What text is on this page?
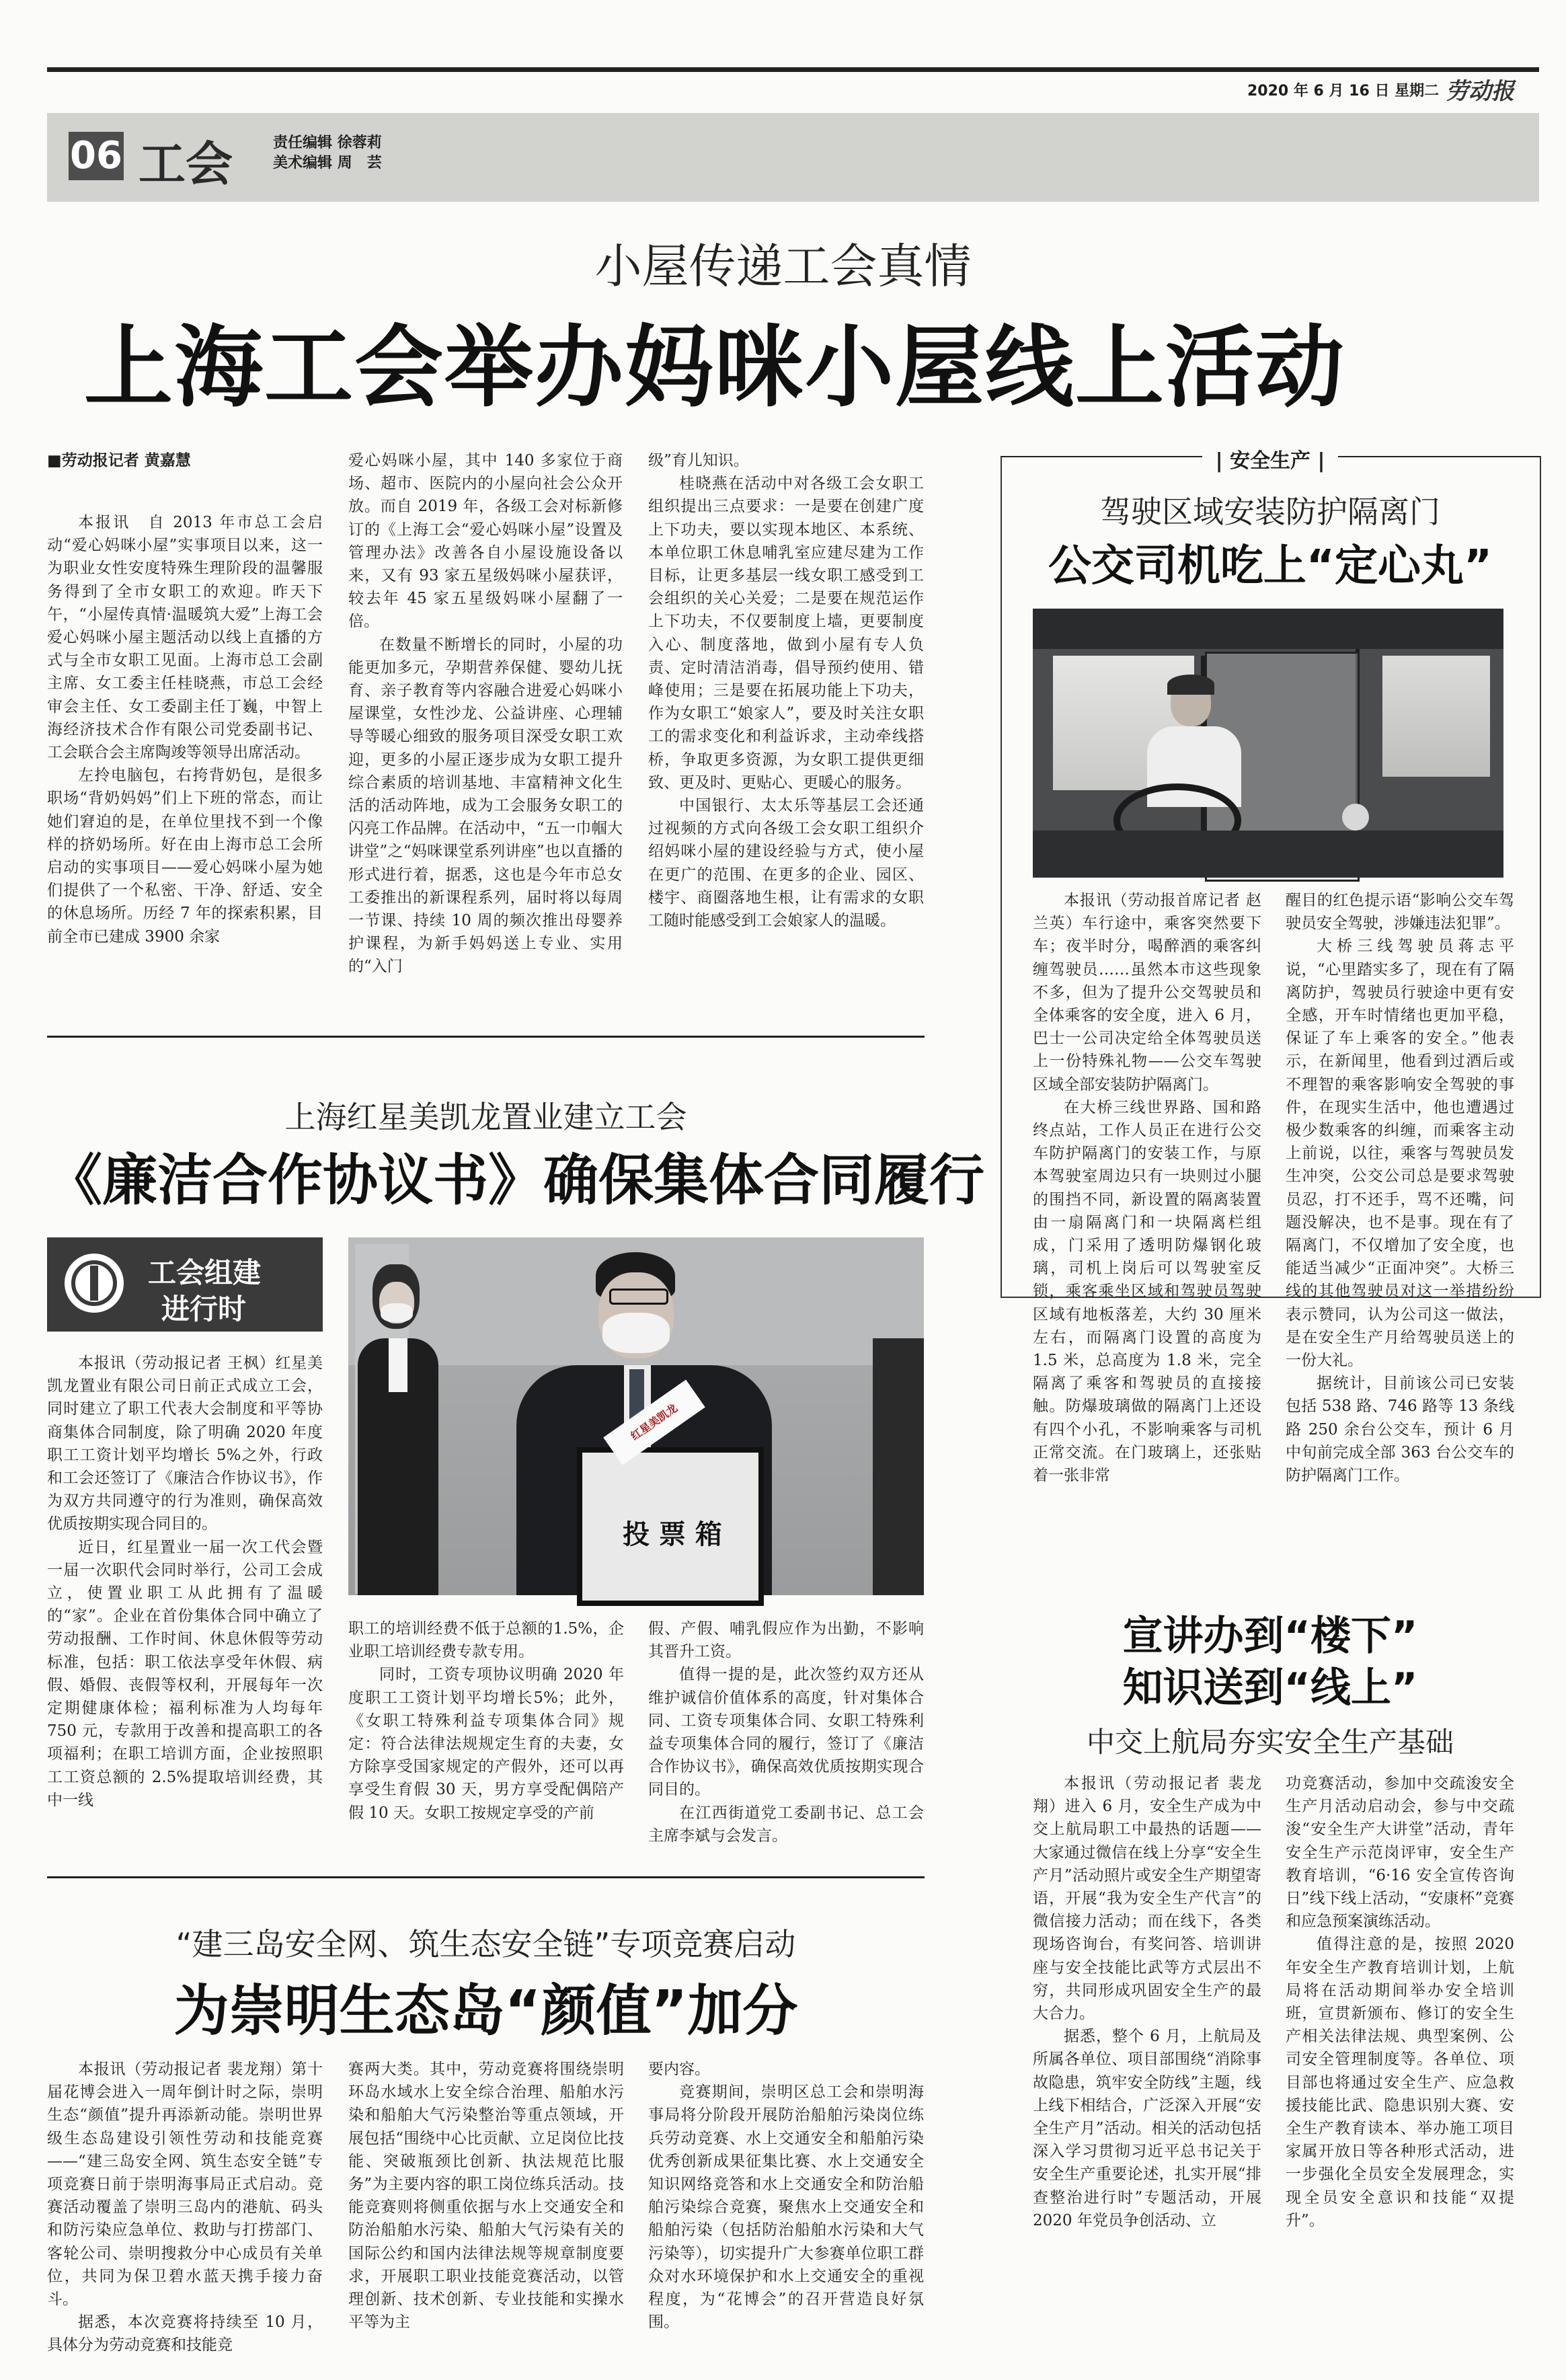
2020 年 6 月 16 日 星期二 劳动报
06 工会	责任编辑 徐蓉莉
美术编辑 周　芸
小屋传递工会真情
上海工会举办妈咪小屋线上活动
■劳动报记者 黄嘉慧

本报讯　自 2013 年市总工会启动“爱心妈咪小屋”实事项目以来，这一为职业女性安度特殊生理阶段的温馨服务得到了全市女职工的欢迎。昨天下午，“小屋传真情·温暖筑大爱”上海工会爱心妈咪小屋主题活动以线上直播的方式与全市女职工见面。上海市总工会副主席、女工委主任桂晓燕，市总工会经审会主任、女工委副主任丁巍，中智上海经济技术合作有限公司党委副书记、工会联合会主席陶竣等领导出席活动。

左拎电脑包，右挎背奶包，是很多职场“背奶妈妈”们上下班的常态，而让她们窘迫的是，在单位里找不到一个像样的挤奶场所。好在由上海市总工会所启动的实事项目——爱心妈咪小屋为她们提供了一个私密、干净、舒适、安全的休息场所。历经 7 年的探索积累，目前全市已建成 3900 余家

爱心妈咪小屋，其中 140 多家位于商场、超市、医院内的小屋向社会公众开放。而自 2019 年，各级工会对标新修订的《上海工会“爱心妈咪小屋”设置及管理办法》改善各自小屋设施设备以来，又有 93 家五星级妈咪小屋获评，较去年 45 家五星级妈咪小屋翻了一倍。

在数量不断增长的同时，小屋的功能更加多元，孕期营养保健、婴幼儿抚育、亲子教育等内容融合进爱心妈咪小屋课堂，女性沙龙、公益讲座、心理辅导等暖心细致的服务项目深受女职工欢迎，更多的小屋正逐步成为女职工提升综合素质的培训基地、丰富精神文化生活的活动阵地，成为工会服务女职工的闪亮工作品牌。在活动中，“五一巾帼大讲堂”之“妈咪课堂系列讲座”也以直播的形式进行着，据悉，这也是今年市总女工委推出的新课程系列，届时将以每周一节课、持续 10 周的频次推出母婴养护课程，为新手妈妈送上专业、实用的“入门

级”育儿知识。

桂晓燕在活动中对各级工会女职工组织提出三点要求：一是要在创建广度上下功夫，要以实现本地区、本系统、本单位职工休息哺乳室应建尽建为工作目标，让更多基层一线女职工感受到工会组织的关心关爱；二是要在规范运作上下功夫，不仅要制度上墙，更要制度入心、制度落地，做到小屋有专人负责、定时清洁消毒，倡导预约使用、错峰使用；三是要在拓展功能上下功夫，作为女职工“娘家人”，要及时关注女职工的需求变化和利益诉求，主动牵线搭桥，争取更多资源，为女职工提供更细致、更及时、更贴心、更暖心的服务。

中国银行、太太乐等基层工会还通过视频的方式向各级工会女职工组织介绍妈咪小屋的建设经验与方式，使小屋在更广的范围、在更多的企业、园区、楼宇、商圈落地生根，让有需求的女职工随时能感受到工会娘家人的温暖。

上海红星美凯龙置业建立工会
《廉洁合作协议书》确保集体合同履行
工会组建
进行时

本报讯（劳动报记者 王枫）红星美凯龙置业有限公司日前正式成立工会，同时建立了职工代表大会制度和平等协商集体合同制度，除了明确 2020 年度职工工资计划平均增长 5%之外，行政和工会还签订了《廉洁合作协议书》，作为双方共同遵守的行为准则，确保高效优质按期实现合同目的。

近日，红星置业一届一次工代会暨一届一次职代会同时举行，公司工会成立，使置业职工从此拥有了温暖的“家”。企业在首份集体合同中确立了劳动报酬、工作时间、休息休假等劳动标准，包括：职工依法享受年休假、病假、婚假、丧假等权利，开展每年一次定期健康体检；福利标准为人均每年 750 元，专款用于改善和提高职工的各项福利；在职工培训方面，企业按照职工工资总额的 2.5%提取培训经费，其中一线

投 票 箱
红星美凯龙

职工的培训经费不低于总额的1.5%，企业职工培训经费专款专用。

同时，工资专项协议明确 2020 年度职工工资计划平均增长5%；此外，《女职工特殊利益专项集体合同》规定：符合法律法规规定生育的夫妻，女方除享受国家规定的产假外，还可以再享受生育假 30 天，男方享受配偶陪产假 10 天。女职工按规定享受的产前

假、产假、哺乳假应作为出勤，不影响其晋升工资。

值得一提的是，此次签约双方还从维护诚信价值体系的高度，针对集体合同、工资专项集体合同、女职工特殊利益专项集体合同的履行，签订了《廉洁合作协议书》，确保高效优质按期实现合同目的。

在江西街道党工委副书记、总工会主席李斌与会发言。

“建三岛安全网、筑生态安全链”专项竞赛启动
为崇明生态岛“颜值”加分

本报讯（劳动报记者 裴龙翔）第十届花博会进入一周年倒计时之际，崇明生态“颜值”提升再添新动能。崇明世界级生态岛建设引领性劳动和技能竞赛——“建三岛安全网、筑生态安全链”专项竞赛日前于崇明海事局正式启动。竞赛活动覆盖了崇明三岛内的港航、码头和防污染应急单位、救助与打捞部门、客轮公司、崇明搜救分中心成员有关单位，共同为保卫碧水蓝天携手接力奋斗。

据悉，本次竞赛将持续至 10 月，具体分为劳动竞赛和技能竞

赛两大类。其中，劳动竞赛将围绕崇明环岛水域水上安全综合治理、船舶水污染和船舶大气污染整治等重点领域，开展包括“围绕中心比贡献、立足岗位比技能、突破瓶颈比创新、执法规范比服务”为主要内容的职工岗位练兵活动。技能竞赛则将侧重依据与水上交通安全和防治船舶水污染、船舶大气污染有关的国际公约和国内法律法规等规章制度要求，开展职工职业技能竞赛活动，以管理创新、技术创新、专业技能和实操水平等为主

要内容。

竞赛期间，崇明区总工会和崇明海事局将分阶段开展防治船舶污染岗位练兵劳动竞赛、水上交通安全和船舶污染优秀创新成果征集比赛、水上交通安全知识网络竞答和水上交通安全和防治船舶污染综合竞赛，聚焦水上交通安全和船舶污染（包括防治船舶水污染和大气污染等），切实提升广大参赛单位职工群众对水环境保护和水上交通安全的重视程度，为“花博会”的召开营造良好氛围。

| 安全生产 |
驾驶区域安装防护隔离门
公交司机吃上“定心丸”

本报讯（劳动报首席记者 赵兰英）车行途中，乘客突然要下车；夜半时分，喝醉酒的乘客纠缠驾驶员……虽然本市这些现象不多，但为了提升公交驾驶员和全体乘客的安全度，进入 6 月，巴士一公司决定给全体驾驶员送上一份特殊礼物——公交车驾驶区域全部安装防护隔离门。

在大桥三线世界路、国和路终点站，工作人员正在进行公交车防护隔离门的安装工作，与原本驾驶室周边只有一块则过小腿的围挡不同，新设置的隔离装置由一扇隔离门和一块隔离栏组成，门采用了透明防爆钢化玻璃，司机上岗后可以驾驶室反锁，乘客乘坐区域和驾驶员驾驶区域有地板落差，大约 30 厘米左右，而隔离门设置的高度为 1.5 米，总高度为 1.8 米，完全隔离了乘客和驾驶员的直接接触。防爆玻璃做的隔离门上还设有四个小孔，不影响乘客与司机正常交流。在门玻璃上，还张贴着一张非常

醒目的红色提示语“影响公交车驾驶员安全驾驶，涉嫌违法犯罪”。

大桥三线驾驶员蒋志平说，“心里踏实多了，现在有了隔离防护，驾驶员行驶途中更有安全感，开车时情绪也更加平稳，保证了车上乘客的安全。”他表示，在新闻里，他看到过酒后或不理智的乘客影响安全驾驶的事件，在现实生活中，他也遭遇过极少数乘客的纠缠，而乘客主动上前说，以往，乘客与驾驶员发生冲突，公交公司总是要求驾驶员忍，打不还手，骂不还嘴，问题没解决，也不是事。现在有了隔离门，不仅增加了安全度，也能适当减少“正面冲突”。大桥三线的其他驾驶员对这一举措纷纷表示赞同，认为公司这一做法，是在安全生产月给驾驶员送上的一份大礼。

据统计，目前该公司已安装包括 538 路、746 路等 13 条线路 250 余台公交车，预计 6 月中旬前完成全部 363 台公交车的防护隔离门工作。

宣讲办到“楼下”
知识送到“线上”
中交上航局夯实安全生产基础

本报讯（劳动报记者 裴龙翔）进入 6 月，安全生产成为中交上航局职工中最热的话题——大家通过微信在线上分享“安全生产月”活动照片或安全生产期望寄语，开展“我为安全生产代言”的微信接力活动；而在线下，各类现场咨询台，有奖问答、培训讲座与安全技能比武等方式层出不穷，共同形成巩固安全生产的最大合力。

据悉，整个 6 月，上航局及所属各单位、项目部围绕“消除事故隐患，筑牢安全防线”主题，线上线下相结合，广泛深入开展“安全生产月”活动。相关的活动包括深入学习贯彻习近平总书记关于安全生产重要论述，扎实开展“排查整治进行时”专题活动，开展 2020 年党员争创活动、立

功竞赛活动，参加中交疏浚安全生产月活动启动会，参与中交疏浚“安全生产大讲堂”活动，青年安全生产示范岗评审，安全生产教育培训，“6·16 安全宣传咨询日”线下线上活动，“安康杯”竞赛和应急预案演练活动。

值得注意的是，按照 2020 年安全生产教育培训计划，上航局将在活动期间举办安全培训班，宣贯新颁布、修订的安全生产相关法律法规、典型案例、公司安全管理制度等。各单位、项目部也将通过安全生产、应急救援技能比武、隐患识别大赛、安全生产教育读本、举办施工项目家属开放日等各种形式活动，进一步强化全员安全发展理念，实现全员安全意识和技能“双提升”。
